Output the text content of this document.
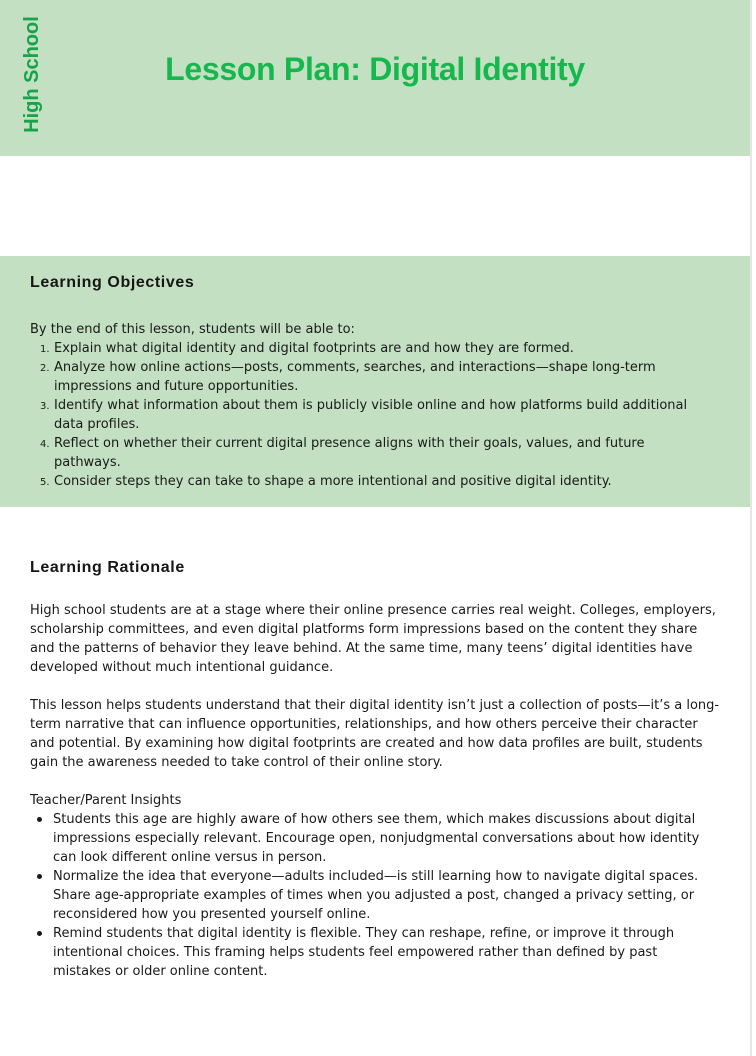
High School	Lesson Plan: Digital Identity
Learning Objectives
By the end of this lesson, students will be able to:
1. Explain what digital identity and digital footprints are and how they are formed.
2. Analyze how online actions—posts, comments, searches, and interactions—shape long-term impressions and future opportunities.
3. Identify what information about them is publicly visible online and how platforms build additional data profiles.
4. Reflect on whether their current digital presence aligns with their goals, values, and future pathways.
5. Consider steps they can take to shape a more intentional and positive digital identity.
Learning Rationale

High school students are at a stage where their online presence carries real weight. Colleges, employers, scholarship committees, and even digital platforms form impressions based on the content they share and the patterns of behavior they leave behind. At the same time, many teens’ digital identities have developed without much intentional guidance.

This lesson helps students understand that their digital identity isn’t just a collection of posts—it’s a long-term narrative that can influence opportunities, relationships, and how others perceive their character and potential. By examining how digital footprints are created and how data profiles are built, students gain the awareness needed to take control of their online story.

Teacher/Parent Insights
Students this age are highly aware of how others see them, which makes discussions about digital impressions especially relevant. Encourage open, nonjudgmental conversations about how identity can look different online versus in person.
Normalize the idea that everyone—adults included—is still learning how to navigate digital spaces. Share age-appropriate examples of times when you adjusted a post, changed a privacy setting, or reconsidered how you presented yourself online.
Remind students that digital identity is flexible. They can reshape, refine, or improve it through intentional choices. This framing helps students feel empowered rather than defined by past mistakes or older online content.
